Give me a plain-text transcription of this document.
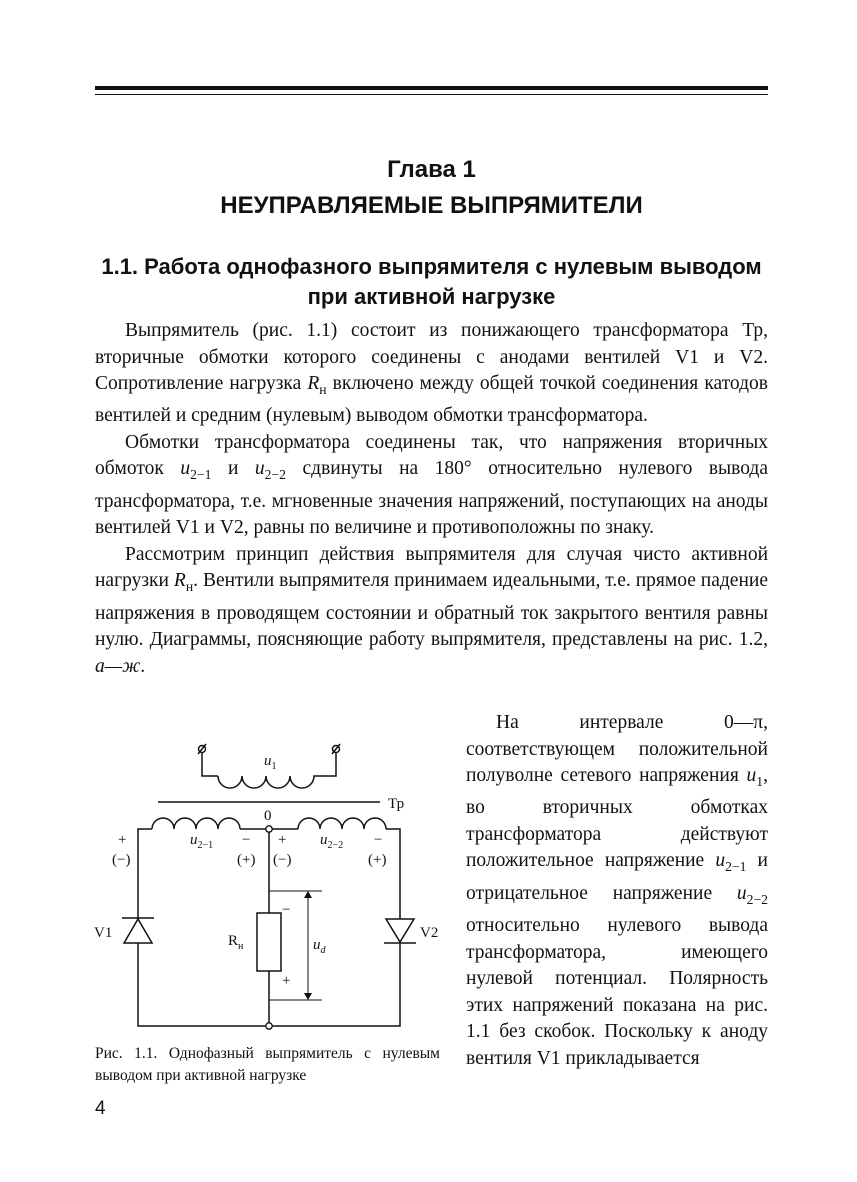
Глава 1
НЕУПРАВЛЯЕМЫЕ ВЫПРЯМИТЕЛИ
1.1. Работа однофазного выпрямителя с нулевым выводом
при активной нагрузке

Выпрямитель (рис. 1.1) состоит из понижающего трансформатора Тр, вторичные обмотки которого соединены с анодами вентилей V1 и V2. Сопротивление нагрузка $R_н$ включено между общей точкой соединения катодов вентилей и средним (нулевым) выводом обмотки трансформатора.

Обмотки трансформатора соединены так, что напряжения вторичных обмоток $u_{2-1}$ и $u_{2-2}$ сдвинуты на 180° относительно нулевого вывода трансформатора, т.е. мгновенные значения напряжений, поступающих на аноды вентилей V1 и V2, равны по величине и противоположны по знаку.

Рассмотрим принцип действия выпрямителя для случая чисто активной нагрузки $R_н$. Вентили выпрямителя принимаем идеальными, т.е. прямое падение напряжения в проводящем состоянии и обратный ток закрытого вентиля равны нулю. Диаграммы, поясняющие работу выпрямителя, представлены на рис. 1.2, а—ж.

$u_1$
Тр
0
+	$u_{2-1}$ − + $u_{2-2}$ −
(−)	(+) (−)	(+)
V1	V2
$R_н$
−
+
$u_d$
Рис. 1.1. Однофазный выпрямитель с нулевым выводом при активной нагрузке

На интервале 0—π, соответствующем положительной полуволне сетевого напряжения $u_1$, во вторичных обмотках трансформатора действуют положительное напряжение $u_{2-1}$ и отрицательное напряжение $u_{2-2}$ относительно нулевого вывода трансформатора, имеющего нулевой потенциал. Полярность этих напряжений показана на рис. 1.1 без скобок. Поскольку к аноду вентиля V1 прикладывается

4
